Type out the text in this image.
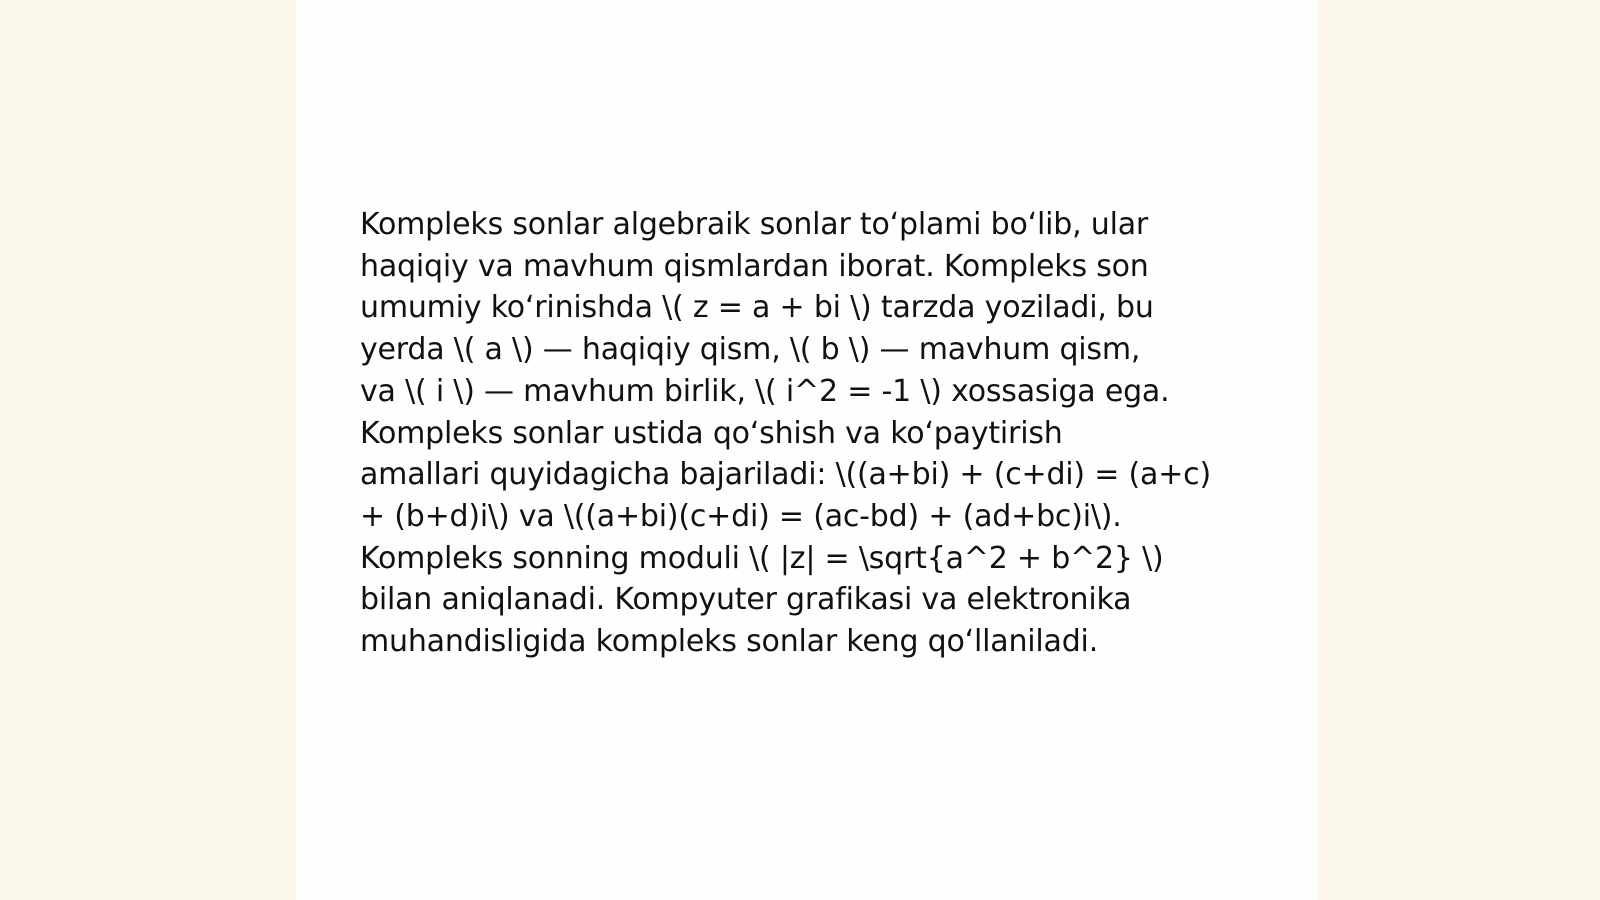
Kompleks sonlar algebraik sonlar to‘plami bo‘lib, ular
haqiqiy va mavhum qismlardan iborat. Kompleks son
umumiy ko‘rinishda \( z = a + bi \) tarzda yoziladi, bu
yerda \( a \) — haqiqiy qism, \( b \) — mavhum qism,
va \( i \) — mavhum birlik, \( i^2 = -1 \) xossasiga ega.
Kompleks sonlar ustida qo‘shish va ko‘paytirish
amallari quyidagicha bajariladi: \((a+bi) + (c+di) = (a+c)
+ (b+d)i\) va \((a+bi)(c+di) = (ac-bd) + (ad+bc)i\).
Kompleks sonning moduli \( |z| = \sqrt{a^2 + b^2} \)
bilan aniqlanadi. Kompyuter grafikasi va elektronika
muhandisligida kompleks sonlar keng qo‘llaniladi.
